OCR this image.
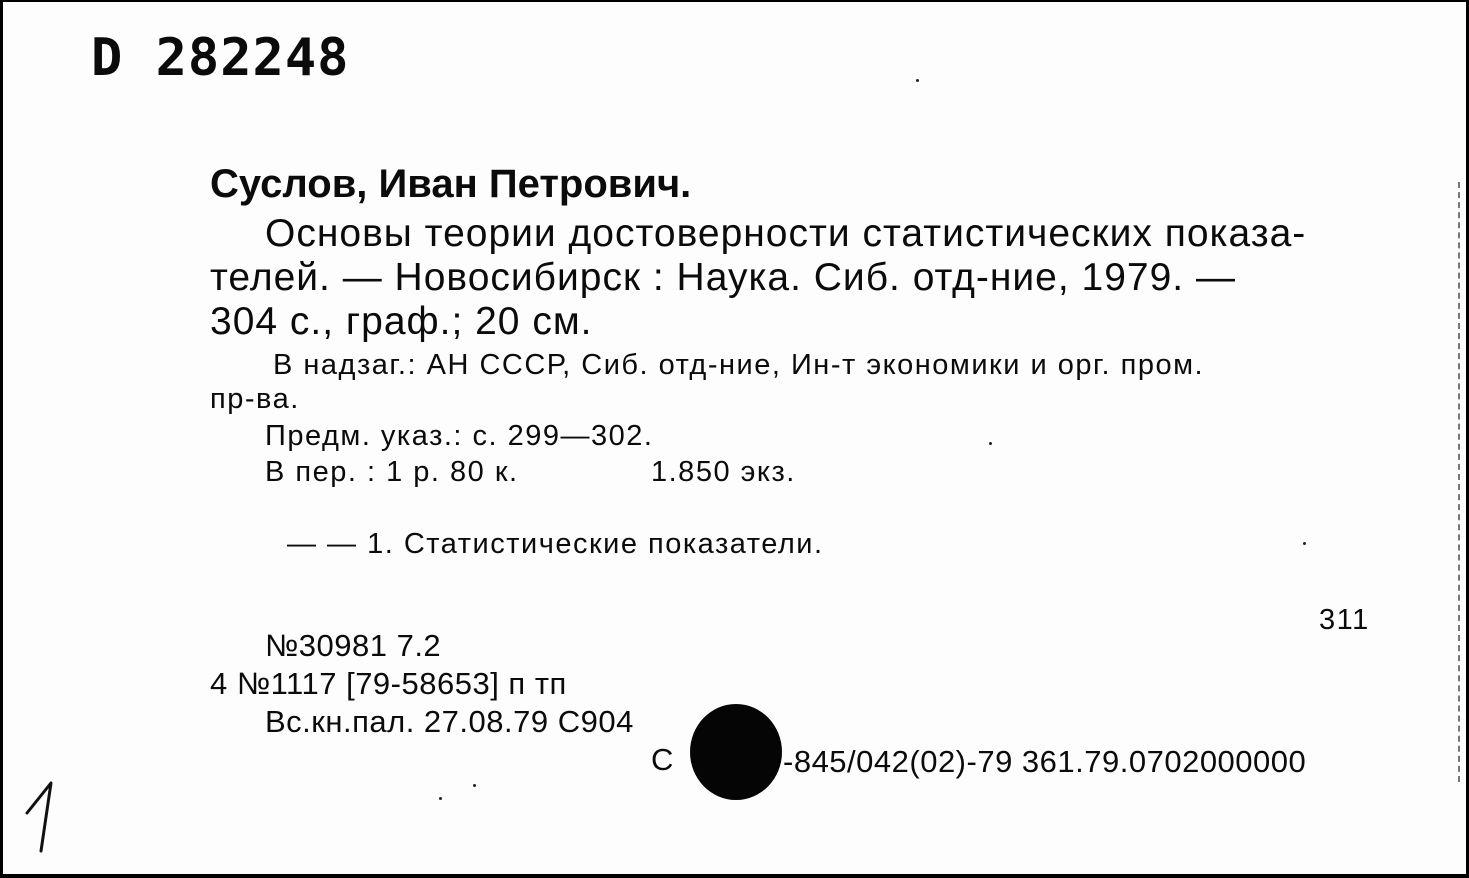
D 282248
Суслов, Иван Петрович.
Основы теории достоверности статистических показа-
телей. — Новосибирск : Наука. Сиб. отд-ние, 1979. —
304 с., граф.; 20 см.
В надзаг.: АН СССР, Сиб. отд-ние, Ин-т экономики и орг. пром.
пр-ва.
Предм. указ.: с. 299—302.
В пер. : 1 р. 80 к.	1.850 экз.
— — 1. Статистические показатели.
311
№30981 7.2
4 №1117 [79-58653] п тп
Вс.кн.пал. 27.08.79 С904
С	-845/042(02)-79 361.79.0702000000
